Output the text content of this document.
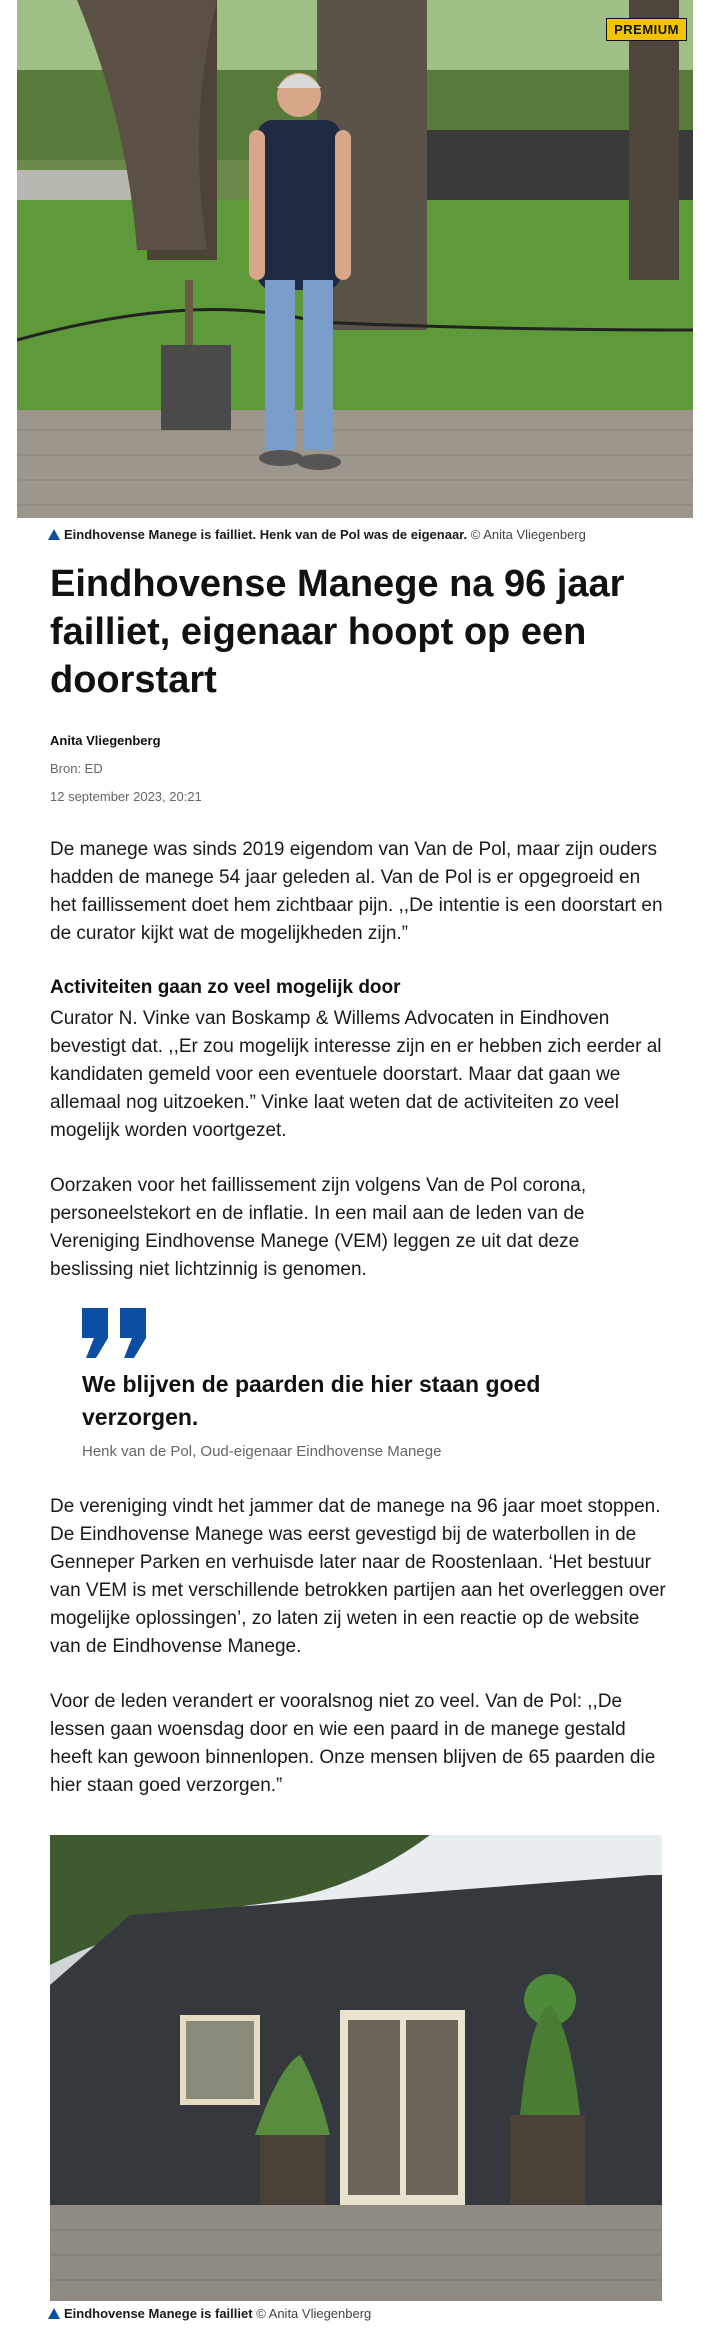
PREMIUM
Eindhovense Manege is failliet. Henk van de Pol was de eigenaar. © Anita Vliegenberg
Eindhovense Manege na 96 jaar failliet, eigenaar hoopt op een doorstart
Anita Vliegenberg
Bron: ED
12 september 2023, 20:21

De manege was sinds 2019 eigendom van Van de Pol, maar zijn ouders hadden de manege 54 jaar geleden al. Van de Pol is er opgegroeid en het faillissement doet hem zichtbaar pijn. ,,De intentie is een doorstart en de curator kijkt wat de mogelijkheden zijn.”

Activiteiten gaan zo veel mogelijk door

Curator N. Vinke van Boskamp & Willems Advocaten in Eindhoven bevestigt dat. ,,Er zou mogelijk interesse zijn en er hebben zich eerder al kandidaten gemeld voor een eventuele doorstart. Maar dat gaan we allemaal nog uitzoeken.” Vinke laat weten dat de activiteiten zo veel mogelijk worden voortgezet.

Oorzaken voor het faillissement zijn volgens Van de Pol corona, personeelstekort en de inflatie. In een mail aan de leden van de Vereniging Eindhovense Manege (VEM) leggen ze uit dat deze beslissing niet lichtzinnig is genomen.

We blijven de paarden die hier staan goed verzorgen.

Henk van de Pol, Oud-eigenaar Eindhovense Manege

De vereniging vindt het jammer dat de manege na 96 jaar moet stoppen. De Eindhovense Manege was eerst gevestigd bij de waterbollen in de Genneper Parken en verhuisde later naar de Roostenlaan. ‘Het bestuur van VEM is met verschillende betrokken partijen aan het overleggen over mogelijke oplossingen’, zo laten zij weten in een reactie op de website van de Eindhovense Manege.

Voor de leden verandert er vooralsnog niet zo veel. Van de Pol: ,,De lessen gaan woensdag door en wie een paard in de manege gestald heeft kan gewoon binnenlopen. Onze mensen blijven de 65 paarden die hier staan goed verzorgen.”

Eindhovense Manege is failliet © Anita Vliegenberg
